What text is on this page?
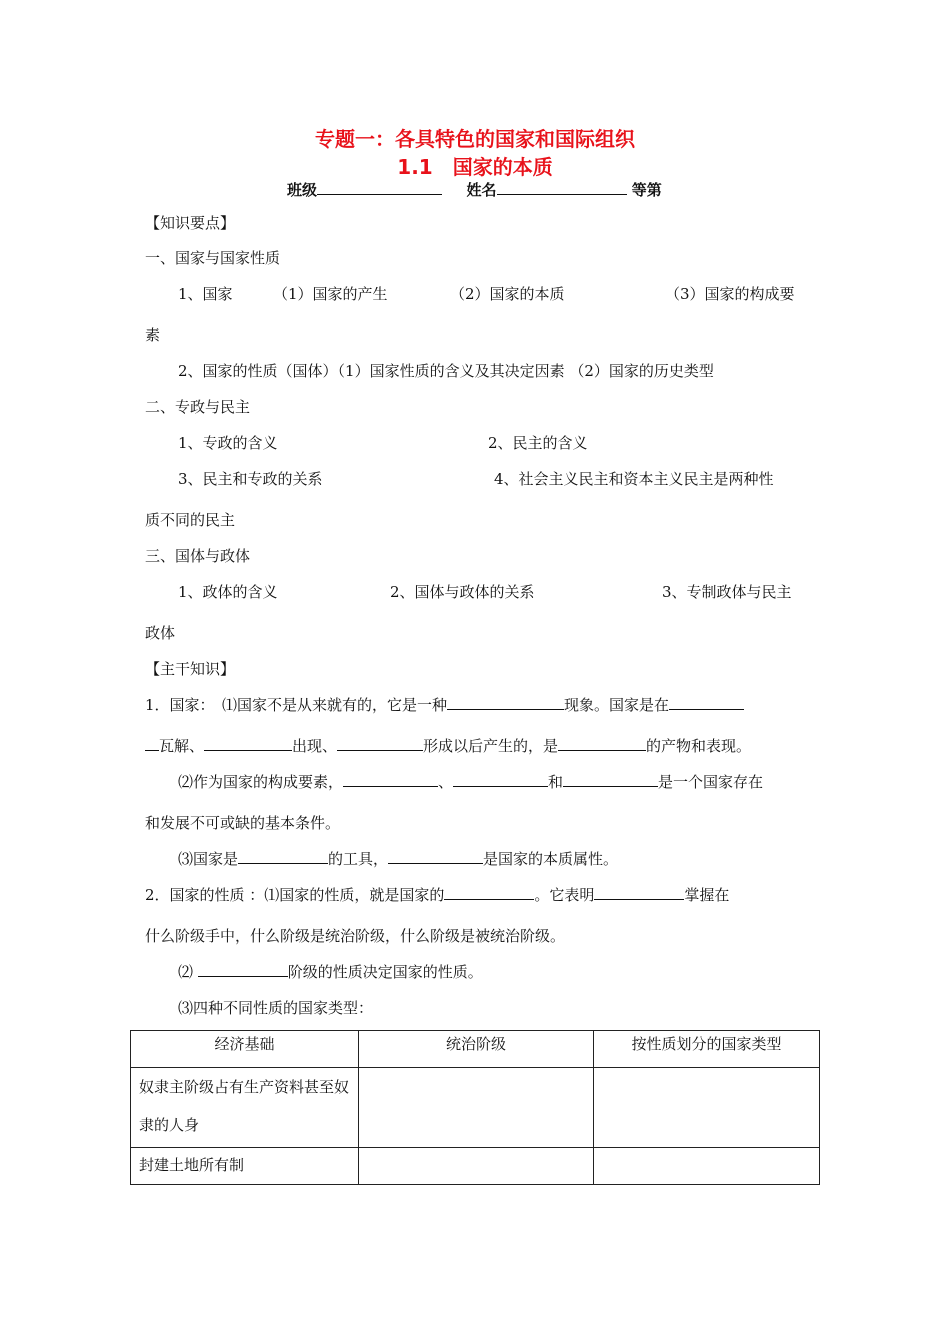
专题一：各具特色的国家和国际组织
1.1　国家的本质
班级	姓名	等第
【知识要点】
一、国家与国家性质
1、国家	（1）国家的产生	（2）国家的本质	（3）国家的构成要
素
2、国家的性质（国体）（1）国家性质的含义及其决定因素 （2）国家的历史类型
二、专政与民主
1、专政的含义	2、民主的含义
3、民主和专政的关系	4、社会主义民主和资本主义民主是两种性
质不同的民主
三、国体与政体
1、政体的含义	2、国体与政体的关系	3、专制政体与民主
政体
【主干知识】
1．国家：　⑴国家不是从来就有的，它是一种	现象。国家是在
瓦解、	出现、	形成以后产生的，是	的产物和表现。
⑵作为国家的构成要素，	、	和	是一个国家存在
和发展不可或缺的基本条件。
⑶国家是	的工具，	是国家的本质属性。
2．国家的性质 ：⑴国家的性质，就是国家的	。它表明	掌握在
什么阶级手中，什么阶级是统治阶级，什么阶级是被统治阶级。
⑵	阶级的性质决定国家的性质。
⑶四种不同性质的国家类型：
经济基础	统治阶级	按性质划分的国家类型

奴隶主阶级占有生产资料甚至奴隶的人身		

封建土地所有制		
